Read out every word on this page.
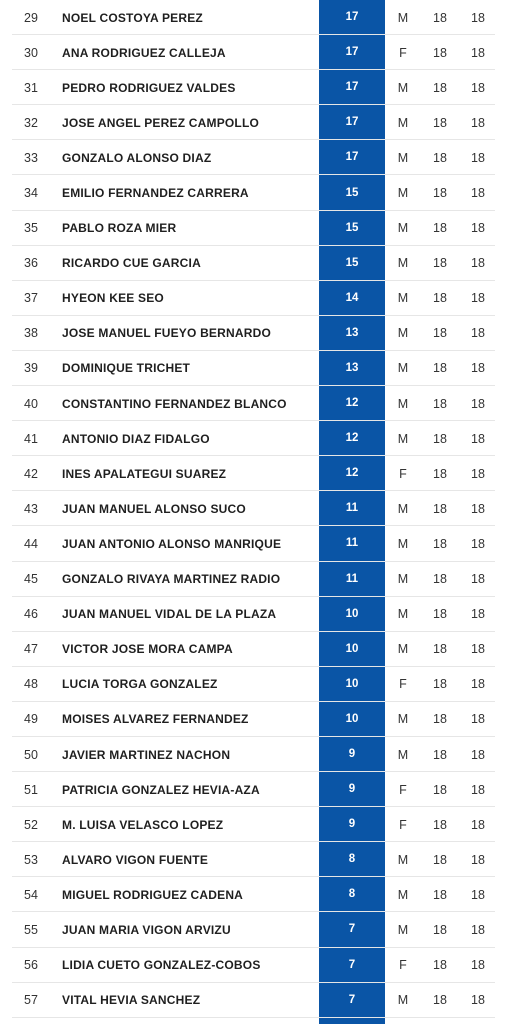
29	NOEL COSTOYA PEREZ	17	M	18	18
30	ANA RODRIGUEZ CALLEJA	17	F	18	18
31	PEDRO RODRIGUEZ VALDES	17	M	18	18
32	JOSE ANGEL PEREZ CAMPOLLO	17	M	18	18
33	GONZALO ALONSO DIAZ	17	M	18	18
34	EMILIO FERNANDEZ CARRERA	15	M	18	18
35	PABLO ROZA MIER	15	M	18	18
36	RICARDO CUE GARCIA	15	M	18	18
37	HYEON KEE SEO	14	M	18	18
38	JOSE MANUEL FUEYO BERNARDO	13	M	18	18
39	DOMINIQUE TRICHET	13	M	18	18
40	CONSTANTINO FERNANDEZ BLANCO	12	M	18	18
41	ANTONIO DIAZ FIDALGO	12	M	18	18
42	INES APALATEGUI SUAREZ	12	F	18	18
43	JUAN MANUEL ALONSO SUCO	11	M	18	18
44	JUAN ANTONIO ALONSO MANRIQUE	11	M	18	18
45	GONZALO RIVAYA MARTINEZ RADIO	11	M	18	18
46	JUAN MANUEL VIDAL DE LA PLAZA	10	M	18	18
47	VICTOR JOSE MORA CAMPA	10	M	18	18
48	LUCIA TORGA GONZALEZ	10	F	18	18
49	MOISES ALVAREZ FERNANDEZ	10	M	18	18
50	JAVIER MARTINEZ NACHON	9	M	18	18
51	PATRICIA GONZALEZ HEVIA-AZA	9	F	18	18
52	M. LUISA VELASCO LOPEZ	9	F	18	18
53	ALVARO VIGON FUENTE	8	M	18	18
54	MIGUEL RODRIGUEZ CADENA	8	M	18	18
55	JUAN MARIA VIGON ARVIZU	7	M	18	18
56	LIDIA CUETO GONZALEZ-COBOS	7	F	18	18
57	VITAL HEVIA SANCHEZ	7	M	18	18
